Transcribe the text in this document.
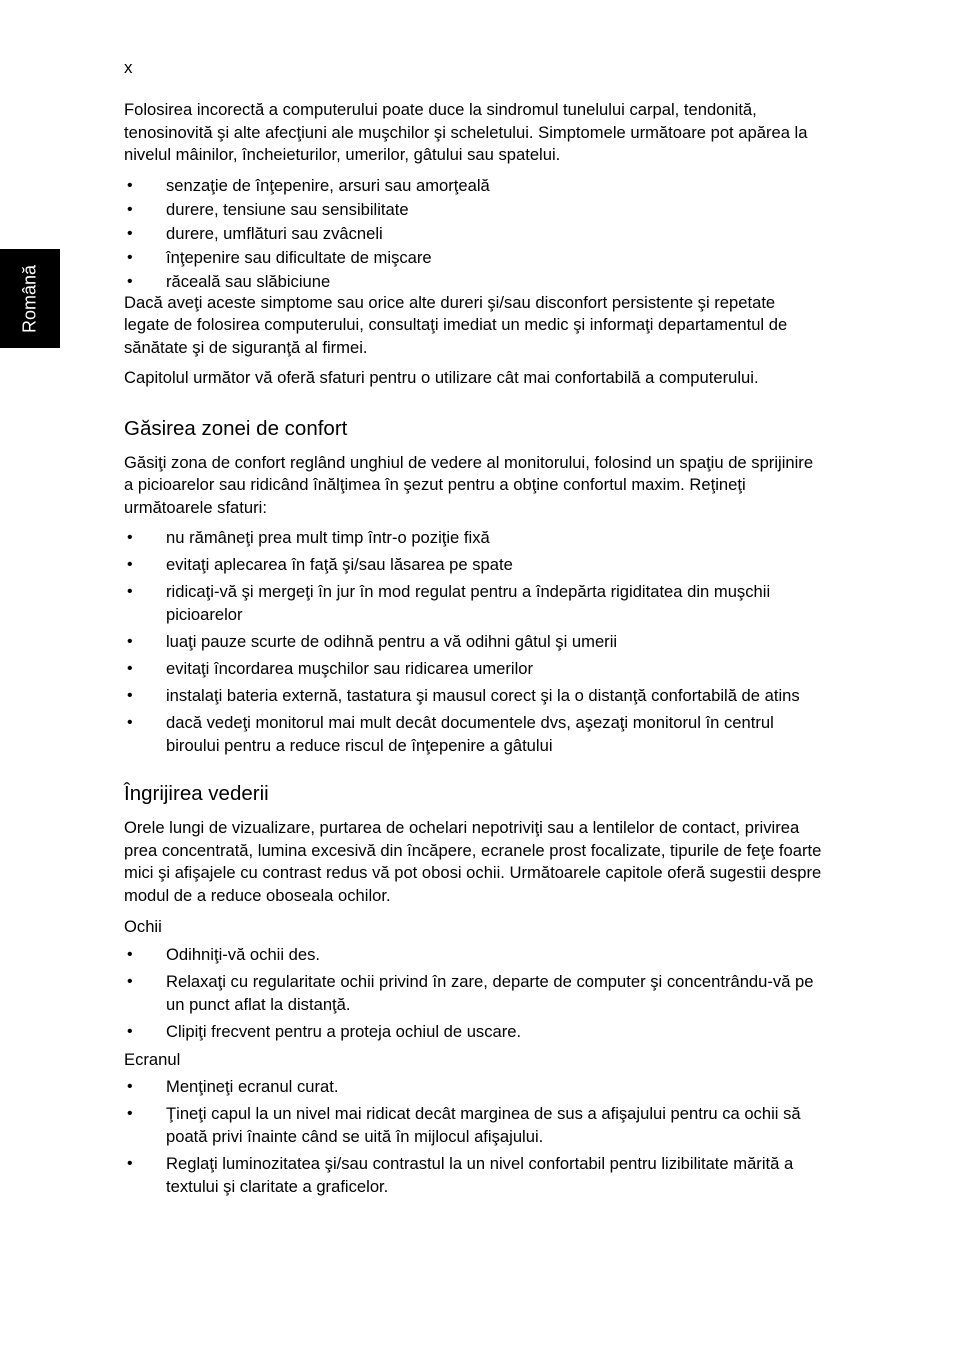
x
Română

Folosirea incorectă a computerului poate duce la sindromul tunelului carpal, tendonită, tenosinovită şi alte afecţiuni ale muşchilor şi scheletului. Simptomele următoare pot apărea la nivelul mâinilor, încheieturilor, umerilor, gâtului sau spatelui.

• senzaţie de înţepenire, arsuri sau amorţeală
• durere, tensiune sau sensibilitate
• durere, umflături sau zvâcneli
• înţepenire sau dificultate de mişcare
• răceală sau slăbiciune

Dacă aveţi aceste simptome sau orice alte dureri şi/sau disconfort persistente şi repetate legate de folosirea computerului, consultaţi imediat un medic şi informaţi departamentul de sănătate şi de siguranţă al firmei.

Capitolul următor vă oferă sfaturi pentru o utilizare cât mai confortabilă a computerului.

Găsirea zonei de confort

Găsiţi zona de confort reglând unghiul de vedere al monitorului, folosind un spaţiu de sprijinire a picioarelor sau ridicând înălţimea în şezut pentru a obţine confortul maxim. Reţineţi următoarele sfaturi:

• nu rămâneţi prea mult timp într-o poziţie fixă
• evitaţi aplecarea în faţă şi/sau lăsarea pe spate
• ridicaţi-vă şi mergeţi în jur în mod regulat pentru a îndepărta rigiditatea din muşchii picioarelor
• luaţi pauze scurte de odihnă pentru a vă odihni gâtul şi umerii
• evitaţi încordarea muşchilor sau ridicarea umerilor
• instalaţi bateria externă, tastatura şi mausul corect şi la o distanţă confortabilă de atins
• dacă vedeţi monitorul mai mult decât documentele dvs, aşezaţi monitorul în centrul biroului pentru a reduce riscul de înţepenire a gâtului
Îngrijirea vederii

Orele lungi de vizualizare, purtarea de ochelari nepotriviţi sau a lentilelor de contact, privirea prea concentrată, lumina excesivă din încăpere, ecranele prost focalizate, tipurile de feţe foarte mici şi afişajele cu contrast redus vă pot obosi ochii. Următoarele capitole oferă sugestii despre modul de a reduce oboseala ochilor.

Ochii

• Odihniţi-vă ochii des.
• Relaxaţi cu regularitate ochii privind în zare, departe de computer şi concentrându-vă pe un punct aflat la distanţă.
• Clipiţi frecvent pentru a proteja ochiul de uscare.

Ecranul

• Menţineţi ecranul curat.
• Ţineţi capul la un nivel mai ridicat decât marginea de sus a afişajului pentru ca ochii să poată privi înainte când se uită în mijlocul afişajului.
• Reglaţi luminozitatea şi/sau contrastul la un nivel confortabil pentru lizibilitate mărită a textului şi claritate a graficelor.
